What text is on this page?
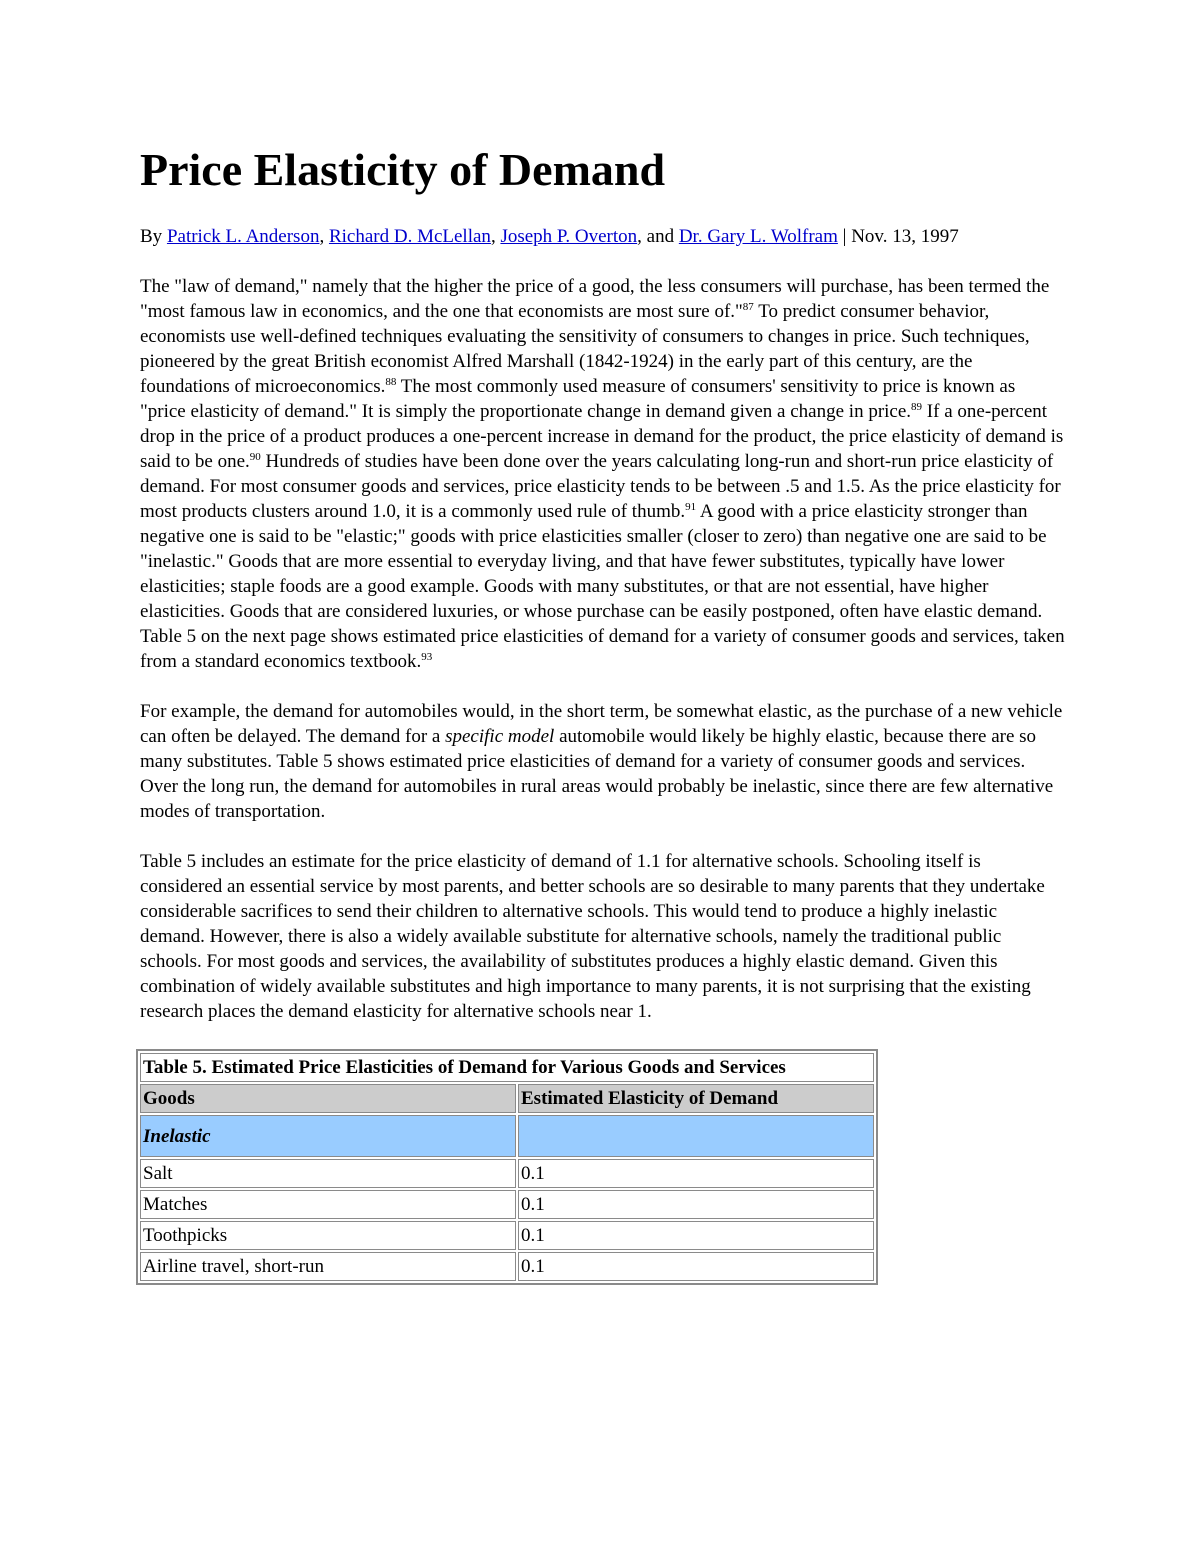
Price Elasticity of Demand

By Patrick L. Anderson, Richard D. McLellan, Joseph P. Overton, and Dr. Gary L. Wolfram | Nov. 13, 1997

The "law of demand," namely that the higher the price of a good, the less consumers will purchase, has been termed the "most famous law in economics, and the one that economists are most sure of."$^{87}$ To predict consumer behavior, economists use well-defined techniques evaluating the sensitivity of consumers to changes in price. Such techniques, pioneered by the great British economist Alfred Marshall (1842-1924) in the early part of this century, are the foundations of microeconomics.$^{88}$ The most commonly used measure of consumers' sensitivity to price is known as "price elasticity of demand." It is simply the proportionate change in demand given a change in price.$^{89}$ If a one-percent drop in the price of a product produces a one-percent increase in demand for the product, the price elasticity of demand is said to be one.$^{90}$ Hundreds of studies have been done over the years calculating long-run and short-run price elasticity of demand. For most consumer goods and services, price elasticity tends to be between .5 and 1.5. As the price elasticity for most products clusters around 1.0, it is a commonly used rule of thumb.$^{91}$ A good with a price elasticity stronger than negative one is said to be "elastic;" goods with price elasticities smaller (closer to zero) than negative one are said to be "inelastic." Goods that are more essential to everyday living, and that have fewer substitutes, typically have lower elasticities; staple foods are a good example. Goods with many substitutes, or that are not essential, have higher elasticities. Goods that are considered luxuries, or whose purchase can be easily postponed, often have elastic demand. Table 5 on the next page shows estimated price elasticities of demand for a variety of consumer goods and services, taken from a standard economics textbook.$^{93}$

For example, the demand for automobiles would, in the short term, be somewhat elastic, as the purchase of a new vehicle can often be delayed. The demand for a specific model automobile would likely be highly elastic, because there are so many substitutes. Table 5 shows estimated price elasticities of demand for a variety of consumer goods and services. Over the long run, the demand for automobiles in rural areas would probably be inelastic, since there are few alternative modes of transportation.

Table 5 includes an estimate for the price elasticity of demand of 1.1 for alternative schools. Schooling itself is considered an essential service by most parents, and better schools are so desirable to many parents that they undertake considerable sacrifices to send their children to alternative schools. This would tend to produce a highly inelastic demand. However, there is also a widely available substitute for alternative schools, namely the traditional public schools. For most goods and services, the availability of substitutes produces a highly elastic demand. Given this combination of widely available substitutes and high importance to many parents, it is not surprising that the existing research places the demand elasticity for alternative schools near 1.

Table 5. Estimated Price Elasticities of Demand for Various Goods and Services	
Goods	Estimated Elasticity of Demand
Inelastic	
Salt	0.1
Matches	0.1
Toothpicks	0.1
Airline travel, short-run	0.1
